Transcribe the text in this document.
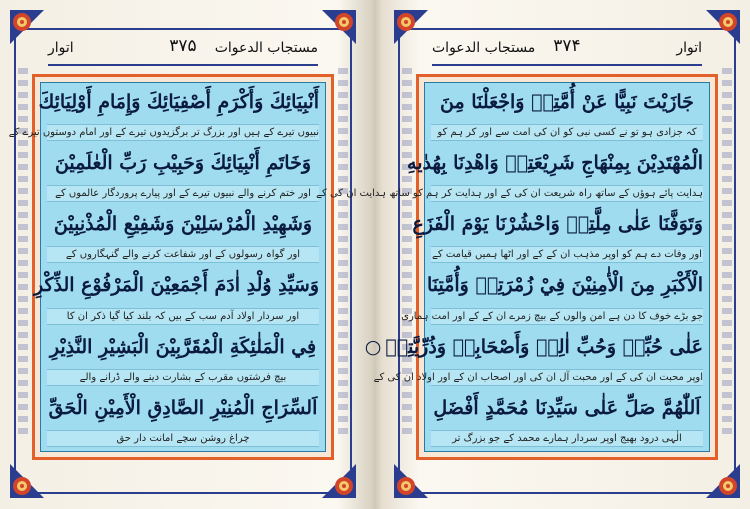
اتوار	۳۷۵ مستجاب الدعوات
أَنْبِيَائِكَ وَأَكْرَمِ أَصْفِيَائِكَ وَإِمَامِ أَوْلِيَائِكَ
نبیوں تیرے کے ہیں اور بزرگ تر برگزیدوں تیرے کے اور امام دوستوں تیرے کے
وَخَاتَمِ أَنْبِيَائِكَ وَحَبِيْبِ رَبِّ الْعٰلَمِيْنَ
اور ختم کرنے والے نبیوں تیرے کے اور پیارے پروردگار عالموں کے
وَشَهِيْدِ الْمُرْسَلِيْنَ وَشَفِيْعِ الْمُذْنِبِيْنَ
اور گواہ رسولوں کے اور شفاعت کرنے والے گنہگاروں کے
وَسَيِّدِ وُلْدِ اٰدَمَ أَجْمَعِيْنَ الْمَرْفُوْعِ الذِّكْرِ
اور سردار اولاد آدم سب کے بیں کہ بلند کیا گیا ذکر ان کا
فِي الْمَلٰئِكَةِ الْمُقَرَّبِيْنَ الْبَشِيْرِ النَّذِيْرِ
بیچ فرشتوں مقرب کے بشارت دینے والے ڈرانے والے
اَلسِّرَاجِ الْمُنِيْرِ الصَّادِقِ الْأَمِيْنِ الْحَقِّ
چراغ روشن سچے امانت دار حق
مستجاب الدعوات ۳۷۴	اتوار
جَازَيْتَ نَبِيًّا عَنْ أُمَّتِهٖ وَاجْعَلْنَا مِنَ
کہ جزادی ہو تو نے کسی نبی کو ان کی امت سے اور کر ہم کو
الْمُهْتَدِيْنَ بِمِنْهَاجِ شَرِيْعَتِهٖ وَاهْدِنَا بِهُدٰيهِ
ہدایت پائے ہوؤں کے ساتھ راہ شریعت ان کی کے اور ہدایت کر ہم کو ساتھ ہدایت ان کی کے
وَتَوَفَّنَا عَلٰى مِلَّتِهٖ وَاحْشُرْنَا يَوْمَ الْفَزَعِ
اور وفات دے ہم کو اوپر مذہب ان کے کے اور اٹھا ہمیں قیامت کے
الْأَكْبَرِ مِنَ الْأٰمِنِيْنَ فِيْ زُمْرَتِهٖ وَأُمَّتِنَا
جو بڑے خوف کا دن ہے امن والوں کے بیچ زمرے ان کے کے اور امت ہماری
عَلٰى حُبِّهٖ وَحُبِّ اٰلِهٖ وَأَصْحَابِهٖ وَذُرِّيَّتِهٖ○
اوپر محبت ان کی کے اور محبت آل ان کی اور اصحاب ان کے اور اولاد ان کی کے
اَللّٰهُمَّ صَلِّ عَلٰى سَيِّدِنَا مُحَمَّدٍ أَفْضَلِ
الٰہی درود بھیج اوپر سردار ہمارے محمد کے جو بزرگ تر
